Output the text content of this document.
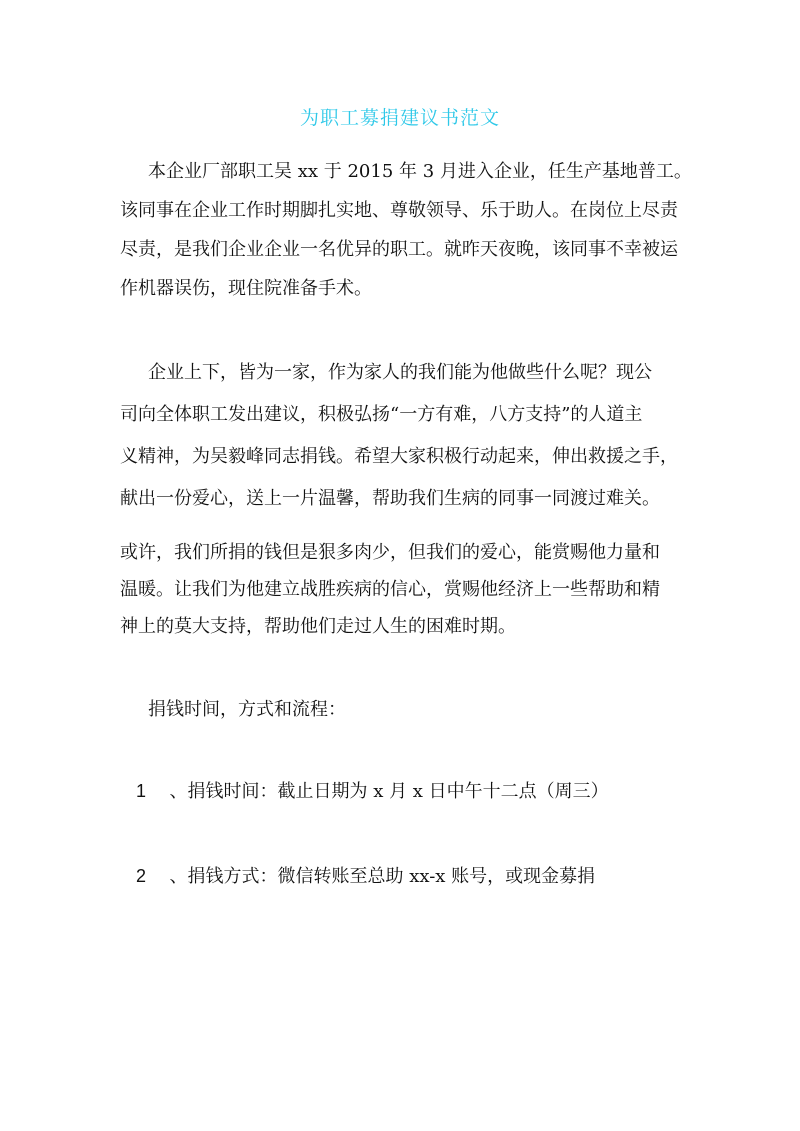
为职工募捐建议书范文
本企业厂部职工吴 xx 于 2015 年 3 月进入企业，任生产基地普工。
该同事在企业工作时期脚扎实地、尊敬领导、乐于助人。在岗位上尽责
尽责，是我们企业企业一名优异的职工。就昨天夜晚，该同事不幸被运
作机器误伤，现住院准备手术。
企业上下，皆为一家，作为家人的我们能为他做些什么呢？现公
司向全体职工发出建议，积极弘扬“一方有难，八方支持”的人道主
义精神，为吴毅峰同志捐钱。希望大家积极行动起来，伸出救援之手，
献出一份爱心，送上一片温馨，帮助我们生病的同事一同渡过难关。
或许，我们所捐的钱但是狠多肉少，但我们的爱心，能赏赐他力量和
温暖。让我们为他建立战胜疾病的信心，赏赐他经济上一些帮助和精
神上的莫大支持，帮助他们走过人生的困难时期。
捐钱时间，方式和流程：
1 、捐钱时间：截止日期为 x 月 x 日中午十二点（周三）
2 、捐钱方式：微信转账至总助 xx-x 账号，或现金募捐
